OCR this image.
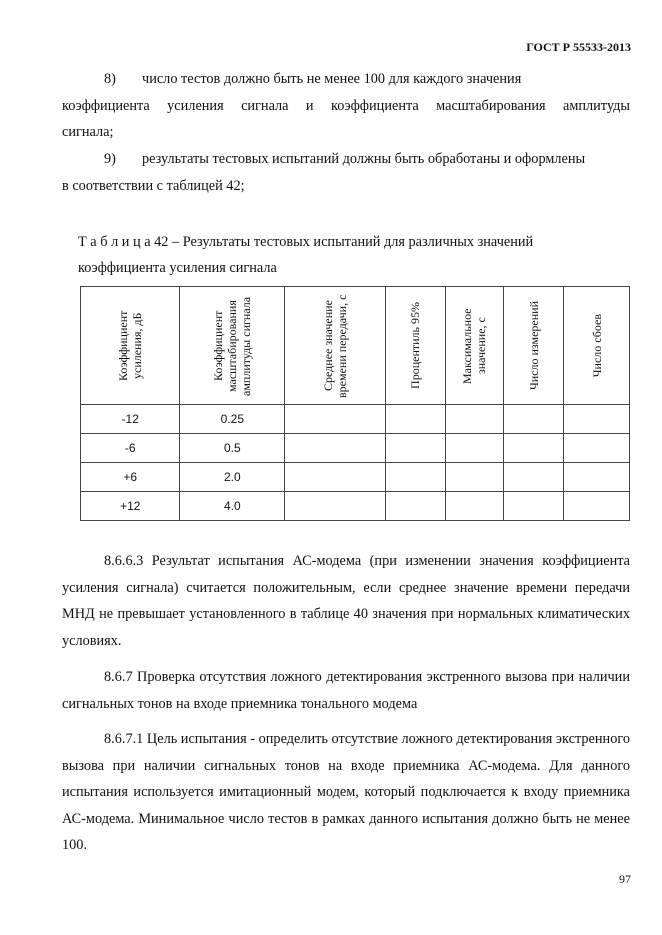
ГОСТ Р 55533-2013
8) число тестов должно быть не менее 100 для каждого значения
коэффициента усиления сигнала и коэффициента масштабирования амплитуды
сигнала;
9) результаты тестовых испытаний должны быть обработаны и оформлены
в соответствии с таблицей 42;
Т а б л и ц а 42 – Результаты тестовых испытаний для различных значений
коэффициента усиления сигнала
Коэффициент усиления, дБ	Коэффициент масштабирования амплитуды сигнала	Среднее значение времени передачи, с	Процентиль 95%	Максимальное значение, с	Число измерений	Число сбоев

-12	0.25					
-6	0.5					
+6	2.0					
+12	4.0					
8.6.6.3 Результат испытания АС-модема (при изменении значения коэффициента усиления сигнала) считается положительным, если среднее значение времени передачи МНД не превышает установленного в таблице 40 значения при нормальных климатических условиях.
8.6.7 Проверка отсутствия ложного детектирования экстренного вызова при наличии сигнальных тонов на входе приемника тонального модема
8.6.7.1 Цель испытания - определить отсутствие ложного детектирования экстренного вызова при наличии сигнальных тонов на входе приемника АС-модема. Для данного испытания используется имитационный модем, который подключается к входу приемника АС-модема. Минимальное число тестов в рамках данного испытания должно быть не менее 100.
97
